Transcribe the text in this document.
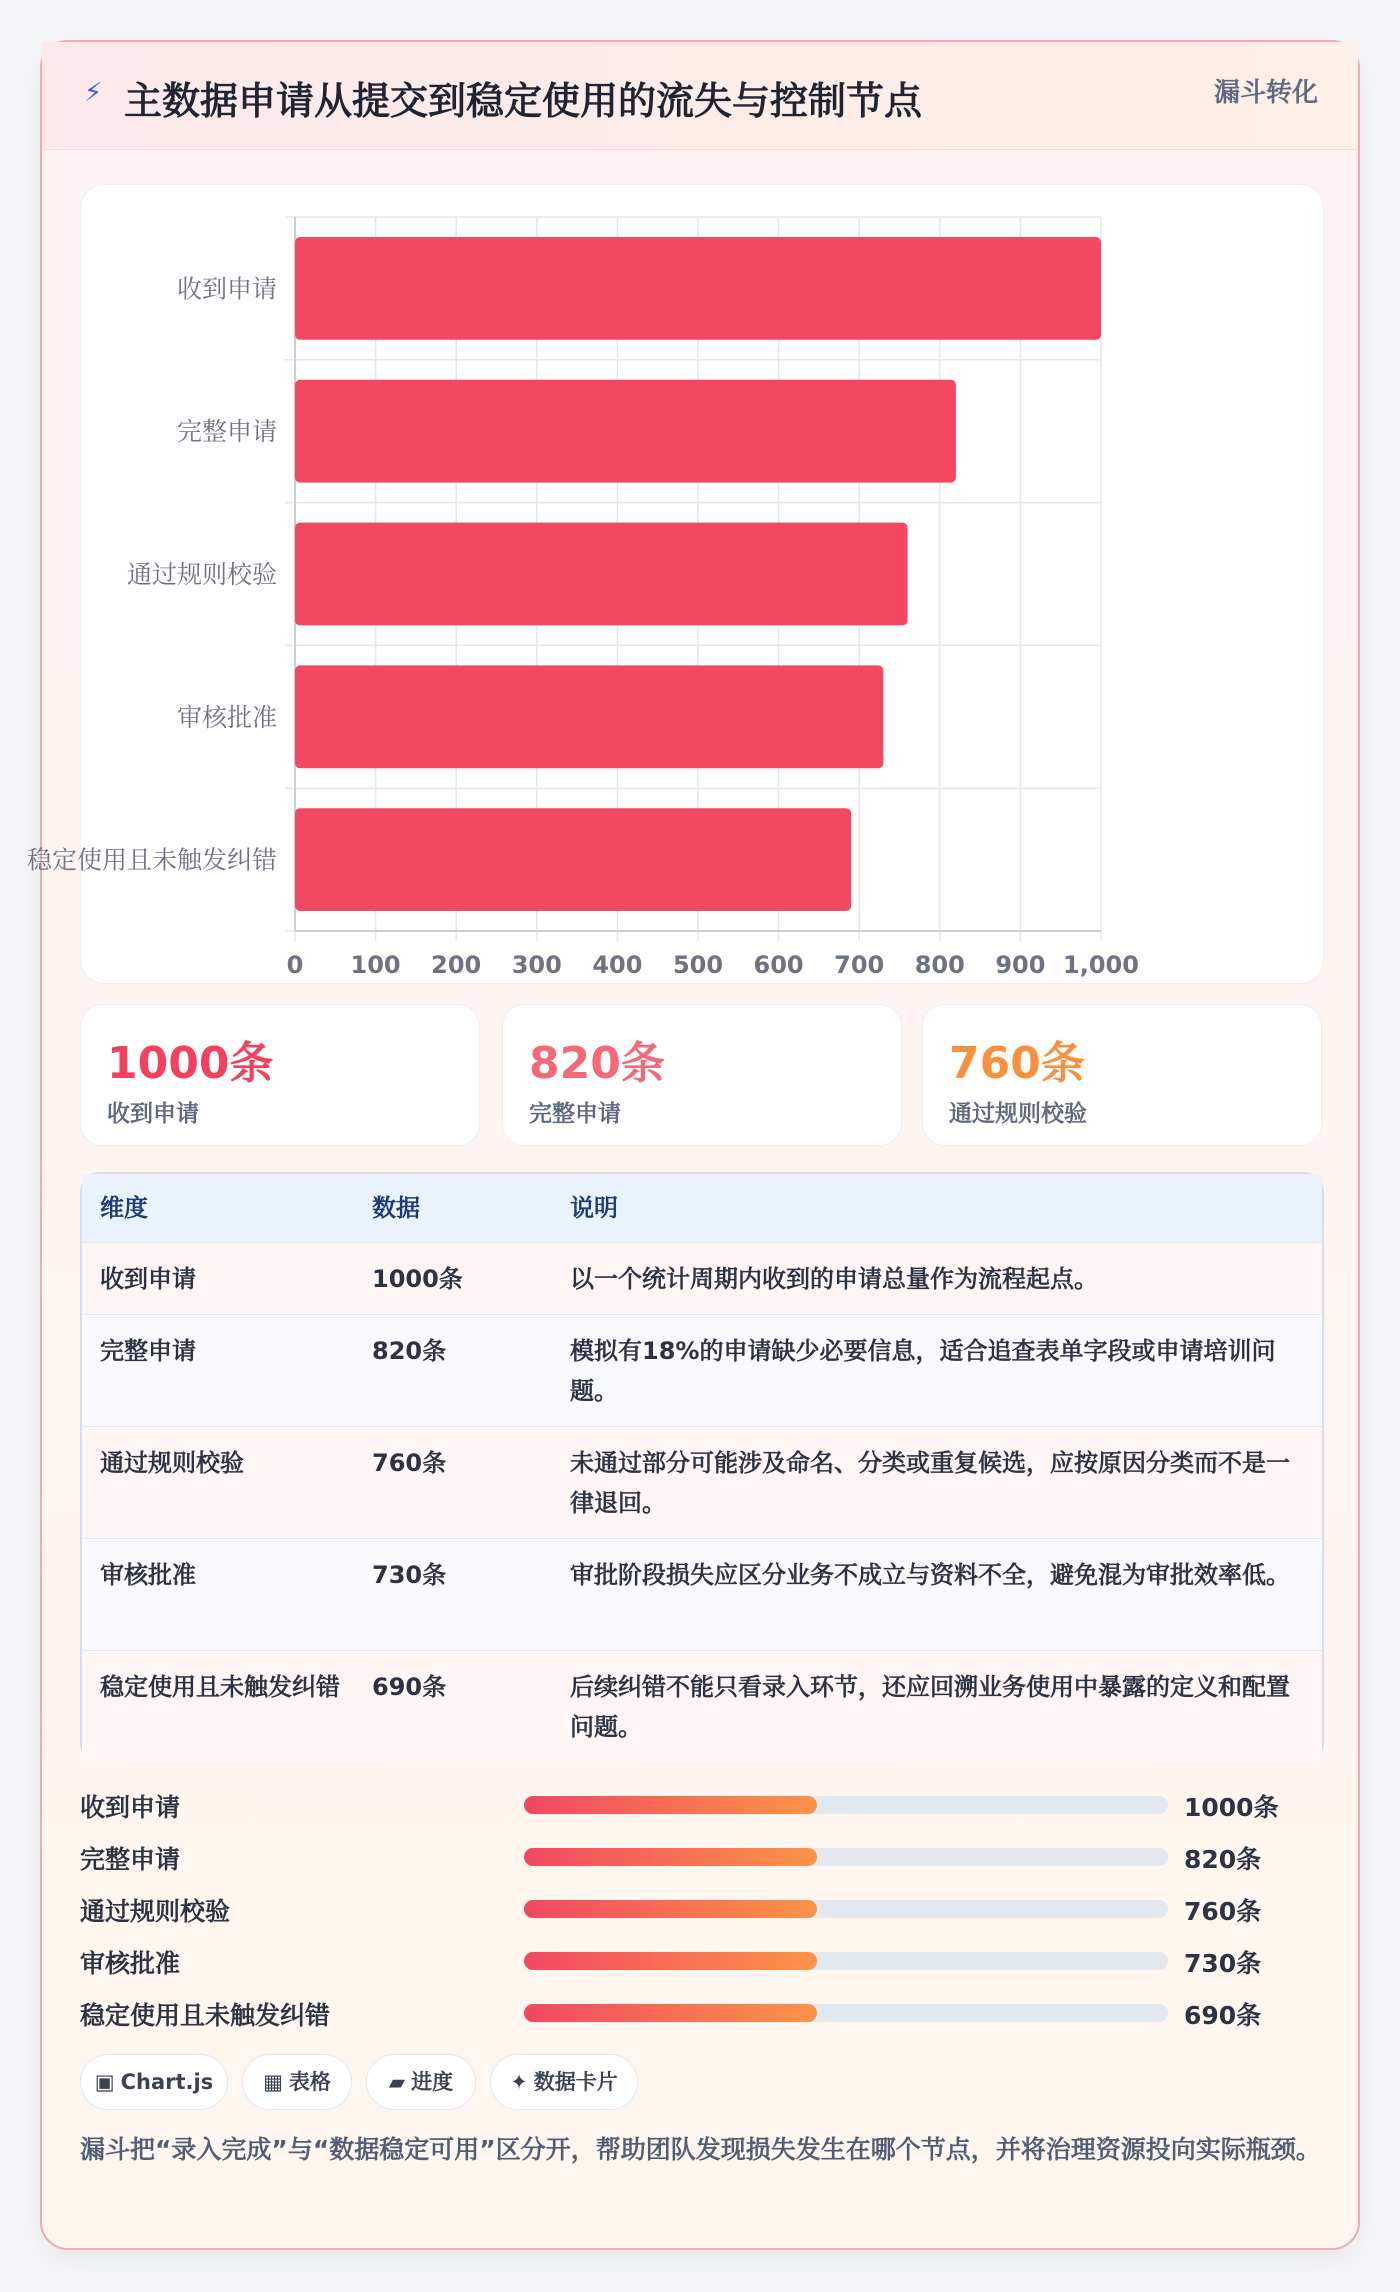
⚡ 主数据申请从提交到稳定使用的流失与控制节点	漏斗转化
0 100 200 300 400 500 600 700 800 900 1,000
收到申请
完整申请
通过规则校验
审核批准
稳定使用且未触发纠错
1000条
收到申请
820条
完整申请
760条
通过规则校验
维度	数据	说明
收到申请	1000条	以一个统计周期内收到的申请总量作为流程起点。
完整申请	820条	模拟有18%的申请缺少必要信息，适合追查表单字段或申请培训问题。
通过规则校验	760条	未通过部分可能涉及命名、分类或重复候选，应按原因分类而不是一律退回。
审核批准	730条	审批阶段损失应区分业务不成立与资料不全，避免混为审批效率低。
稳定使用且未触发纠错	690条	后续纠错不能只看录入环节，还应回溯业务使用中暴露的定义和配置问题。
收到申请	1000条
完整申请	820条
通过规则校验	760条
审核批准	730条
稳定使用且未触发纠错	690条
▣ Chart.js	▦ 表格	▰ 进度	✦ 数据卡片
漏斗把“录入完成”与“数据稳定可用”区分开，帮助团队发现损失发生在哪个节点，并将治理资源投向实际瓶颈。
